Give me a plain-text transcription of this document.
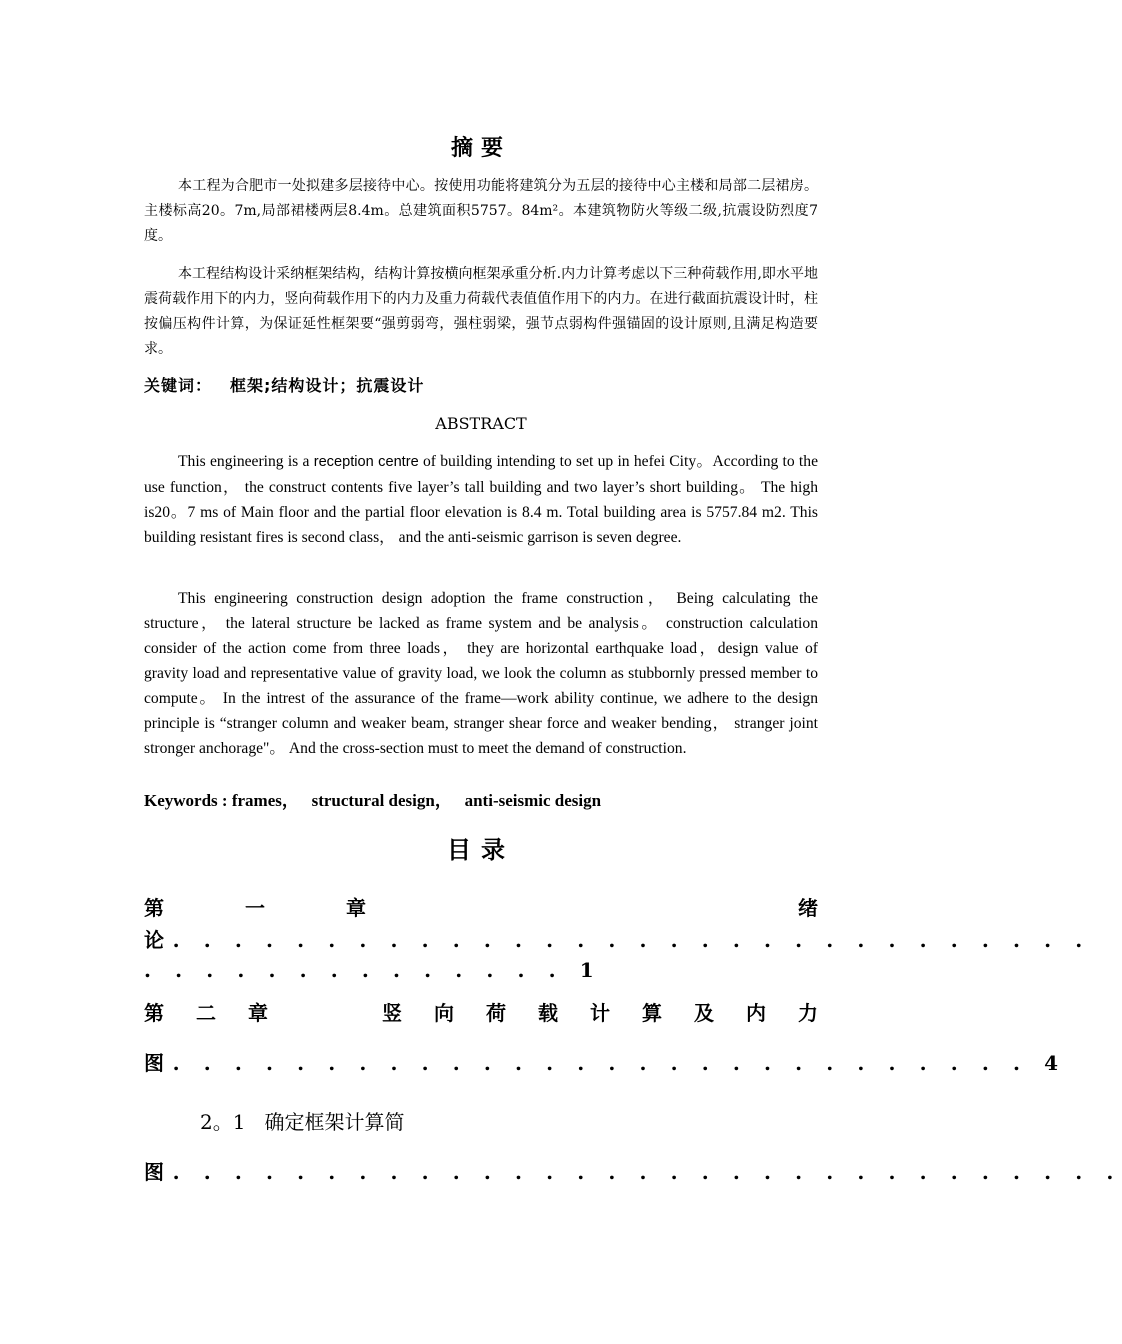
摘要

本工程为合肥市一处拟建多层接待中心。按使用功能将建筑分为五层的接待中心主楼和局部二层裙房。主楼标高20。7m,局部裙楼两层8.4m。总建筑面积5757。84m²。本建筑物防火等级二级,抗震设防烈度7度。

本工程结构设计采纳框架结构，结构计算按横向框架承重分析.内力计算考虑以下三种荷载作用,即水平地震荷载作用下的内力，竖向荷载作用下的内力及重力荷载代表值值作用下的内力。在进行截面抗震设计时，柱按偏压构件计算，为保证延性框架要“强剪弱弯，强柱弱梁，强节点弱构件强锚固的设计原则,且满足构造要求。

关键词： 框架;结构设计；抗震设计
ABSTRACT

This engineering is a reception centre of building intending to set up in hefei City。According to the use function， the construct contents five layer’s tall building and two layer’s short building。 The high is20。7 ms of Main floor and the partial floor elevation is 8.4 m. Total building area is 5757.84 m2. This building resistant fires is second class， and the anti-seismic garrison is seven degree.

This engineering construction design adoption the frame construction， Being calculating the structure， the lateral structure be lacked as frame system and be analysis。 construction calculation consider of the action come from three loads， they are horizontal earthquake load，design value of gravity load and representative value of gravity load, we look the column as stubbornly pressed member to compute。 In the intrest of the assurance of the frame—work ability continue, we adhere to the design principle is “stranger column and weaker beam, stranger shear force and weaker bending， stranger joint stronger anchorage"。 And the cross-section must to meet the demand of construction.

Keywords : frames，   structural design，   anti-seismic design
目录
第	一	章	绪
论. . . . . . . . . . . . . . . . . . . . . . . . . . . . . .
. . . . . . . . . . . . . . 1
第 二 章	竖 向 荷 载 计 算 及 内 力
图. . . . . . . . . . . . . . . . . . . . . . . . . . . . 4
2。1   确定框架计算简
图. . . . . . . . . . . . . . . . . . . . . . . . . . . . . . .
